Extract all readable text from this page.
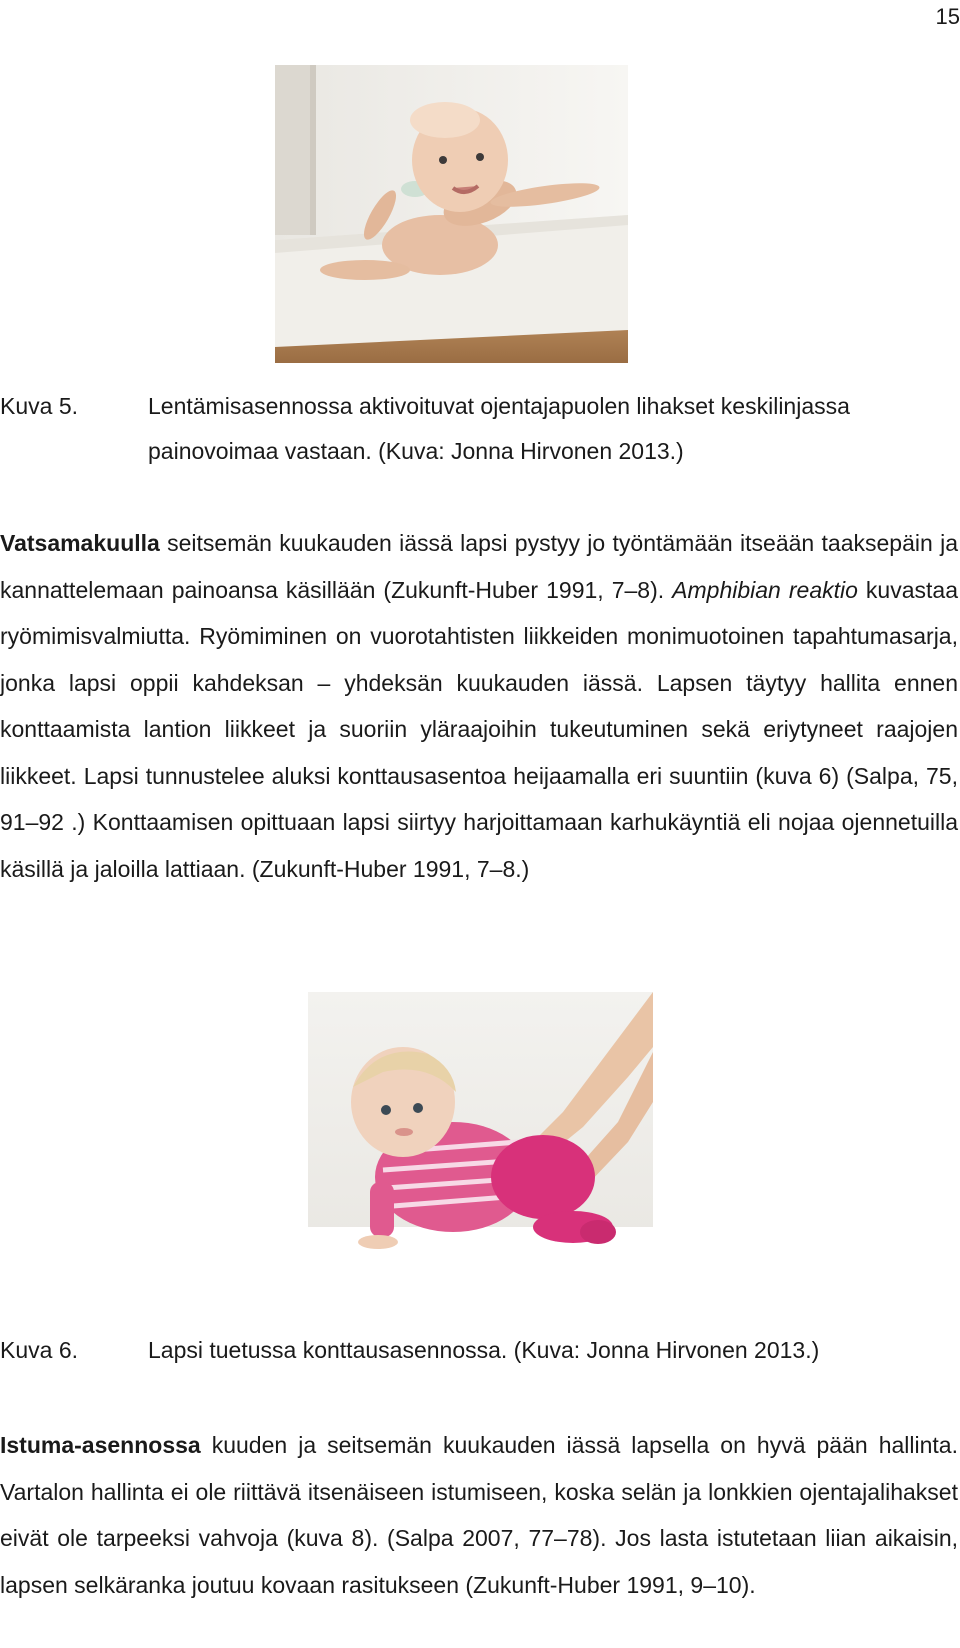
15
Kuva 5.	Lentämisasennossa aktivoituvat ojentajapuolen lihakset keskilinjassa painovoimaa vastaan. (Kuva: Jonna Hirvonen 2013.)

Vatsamakuulla seitsemän kuukauden iässä lapsi pystyy jo työntämään itseään taaksepäin ja kannattelemaan painoansa käsillään (Zukunft-Huber 1991, 7–8). Amphibian reaktio kuvastaa ryömimisvalmiutta. Ryömiminen on vuorotahtisten liikkeiden monimuotoinen tapahtumasarja, jonka lapsi oppii kahdeksan – yhdeksän kuukauden iässä. Lapsen täytyy hallita ennen konttaamista lantion liikkeet ja suoriin yläraajoihin tukeutuminen sekä eriytyneet raajojen liikkeet. Lapsi tunnustelee aluksi konttausasentoa heijaamalla eri suuntiin (kuva 6) (Salpa, 75, 91–92 .) Konttaamisen opittuaan lapsi siirtyy harjoittamaan karhukäyntiä eli nojaa ojennetuilla käsillä ja jaloilla lattiaan. (Zukunft-Huber 1991, 7–8.)

Kuva 6.	Lapsi tuetussa konttausasennossa. (Kuva: Jonna Hirvonen 2013.)

Istuma-asennossa kuuden ja seitsemän kuukauden iässä lapsella on hyvä pään hallinta. Vartalon hallinta ei ole riittävä itsenäiseen istumiseen, koska selän ja lonkkien ojentajalihakset eivät ole tarpeeksi vahvoja (kuva 8). (Salpa 2007, 77–78). Jos lasta istutetaan liian aikaisin, lapsen selkäranka joutuu kovaan rasitukseen (Zukunft-Huber 1991, 9–10).
